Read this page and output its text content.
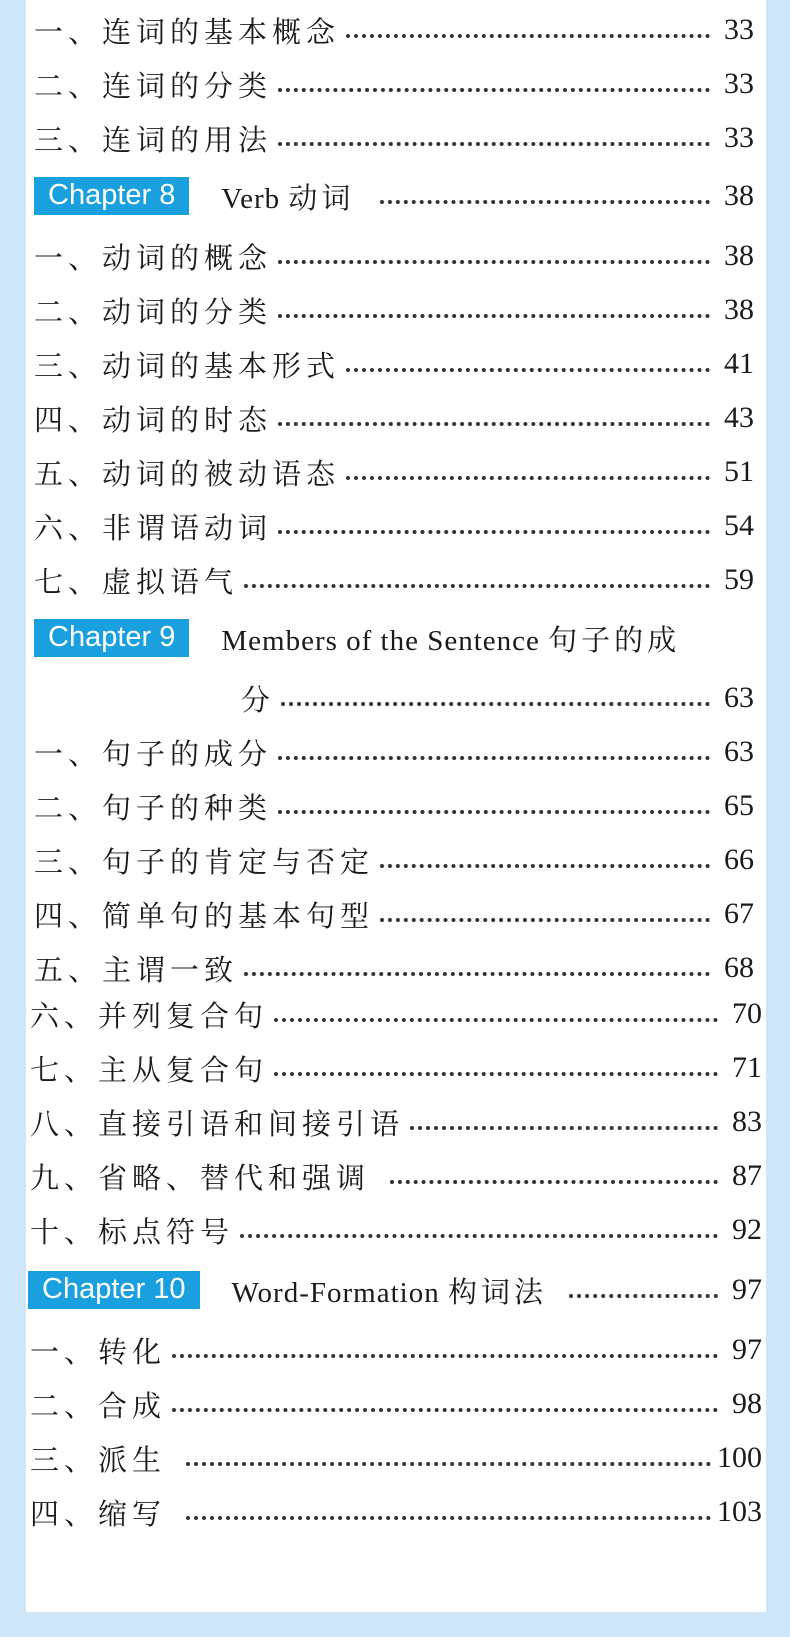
一、连词的基本概念	33
二、连词的分类	33
三、连词的用法	33
Chapter 8	Verb 动词	38
一、动词的概念	38
二、动词的分类	38
三、动词的基本形式	41
四、动词的时态	43
五、动词的被动语态	51
六、非谓语动词	54
七、虚拟语气	59
Chapter 9	Members of the Sentence 句子的成
分	63
一、句子的成分	63
二、句子的种类	65
三、句子的肯定与否定	66
四、简单句的基本句型	67
五、主谓一致	68
六、并列复合句	70
七、主从复合句	71
八、直接引语和间接引语	83
九、省略、替代和强调	87
十、标点符号	92
Chapter 10	Word-Formation 构词法	97
一、转化	97
二、合成	98
三、派生	100
四、缩写	103
